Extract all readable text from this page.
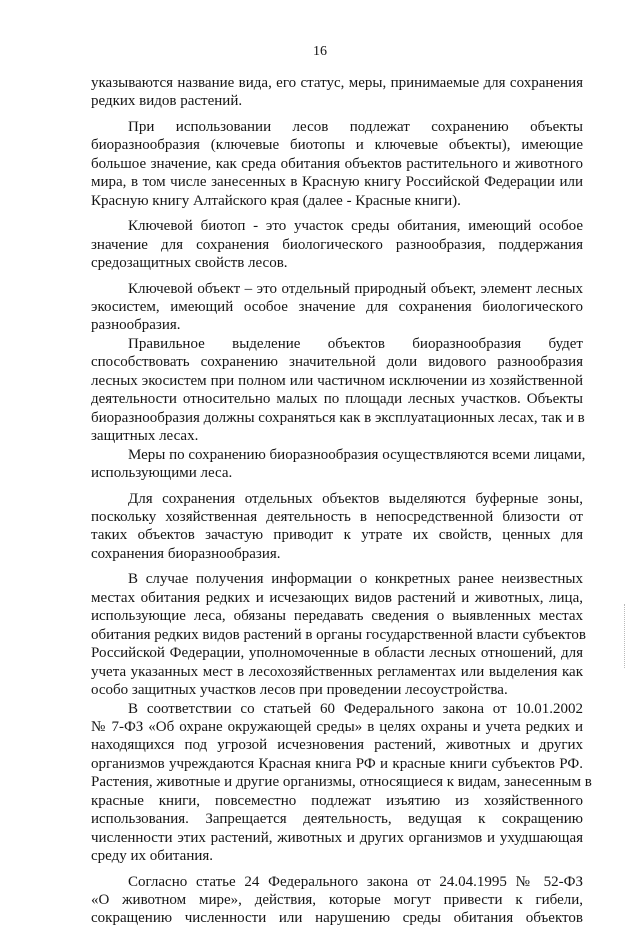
16
указываются название вида, его статус, меры, принимаемые для сохранения
редких видов растений.
При использовании лесов подлежат сохранению объекты
биоразнообразия (ключевые биотопы и ключевые объекты), имеющие
большое значение, как среда обитания объектов растительного и животного
мира, в том числе занесенных в Красную книгу Российской Федерации или
Красную книгу Алтайского края (далее - Красные книги).
Ключевой биотоп - это участок среды обитания, имеющий особое
значение для сохранения биологического разнообразия, поддержания
средозащитных свойств лесов.
Ключевой объект – это отдельный природный объект, элемент лесных
экосистем, имеющий особое значение для сохранения биологического
разнообразия.
Правильное выделение объектов биоразнообразия будет
способствовать сохранению значительной доли видового разнообразия
лесных экосистем при полном или частичном исключении из хозяйственной
деятельности относительно малых по площади лесных участков. Объекты
биоразнообразия должны сохраняться как в эксплуатационных лесах, так и в
защитных лесах.
Меры по сохранению биоразнообразия осуществляются всеми лицами,
использующими леса.
Для сохранения отдельных объектов выделяются буферные зоны,
поскольку хозяйственная деятельность в непосредственной близости от
таких объектов зачастую приводит к утрате их свойств, ценных для
сохранения биоразнообразия.
В случае получения информации о конкретных ранее неизвестных
местах обитания редких и исчезающих видов растений и животных, лица,
использующие леса, обязаны передавать сведения о выявленных местах
обитания редких видов растений в органы государственной власти субъектов
Российской Федерации, уполномоченные в области лесных отношений, для
учета указанных мест в лесохозяйственных регламентах или выделения как
особо защитных участков лесов при проведении лесоустройства.
В соответствии со статьей 60 Федерального закона от 10.01.2002
№ 7-ФЗ «Об охране окружающей среды» в целях охраны и учета редких и
находящихся под угрозой исчезновения растений, животных и других
организмов учреждаются Красная книга РФ и красные книги субъектов РФ.
Растения, животные и другие организмы, относящиеся к видам, занесенным в
красные книги, повсеместно подлежат изъятию из хозяйственного
использования. Запрещается деятельность, ведущая к сокращению
численности этих растений, животных и других организмов и ухудшающая
среду их обитания.
Согласно статье 24 Федерального закона от 24.04.1995 № 52-ФЗ
«О животном мире», действия, которые могут привести к гибели,
сокращению численности или нарушению среды обитания объектов
